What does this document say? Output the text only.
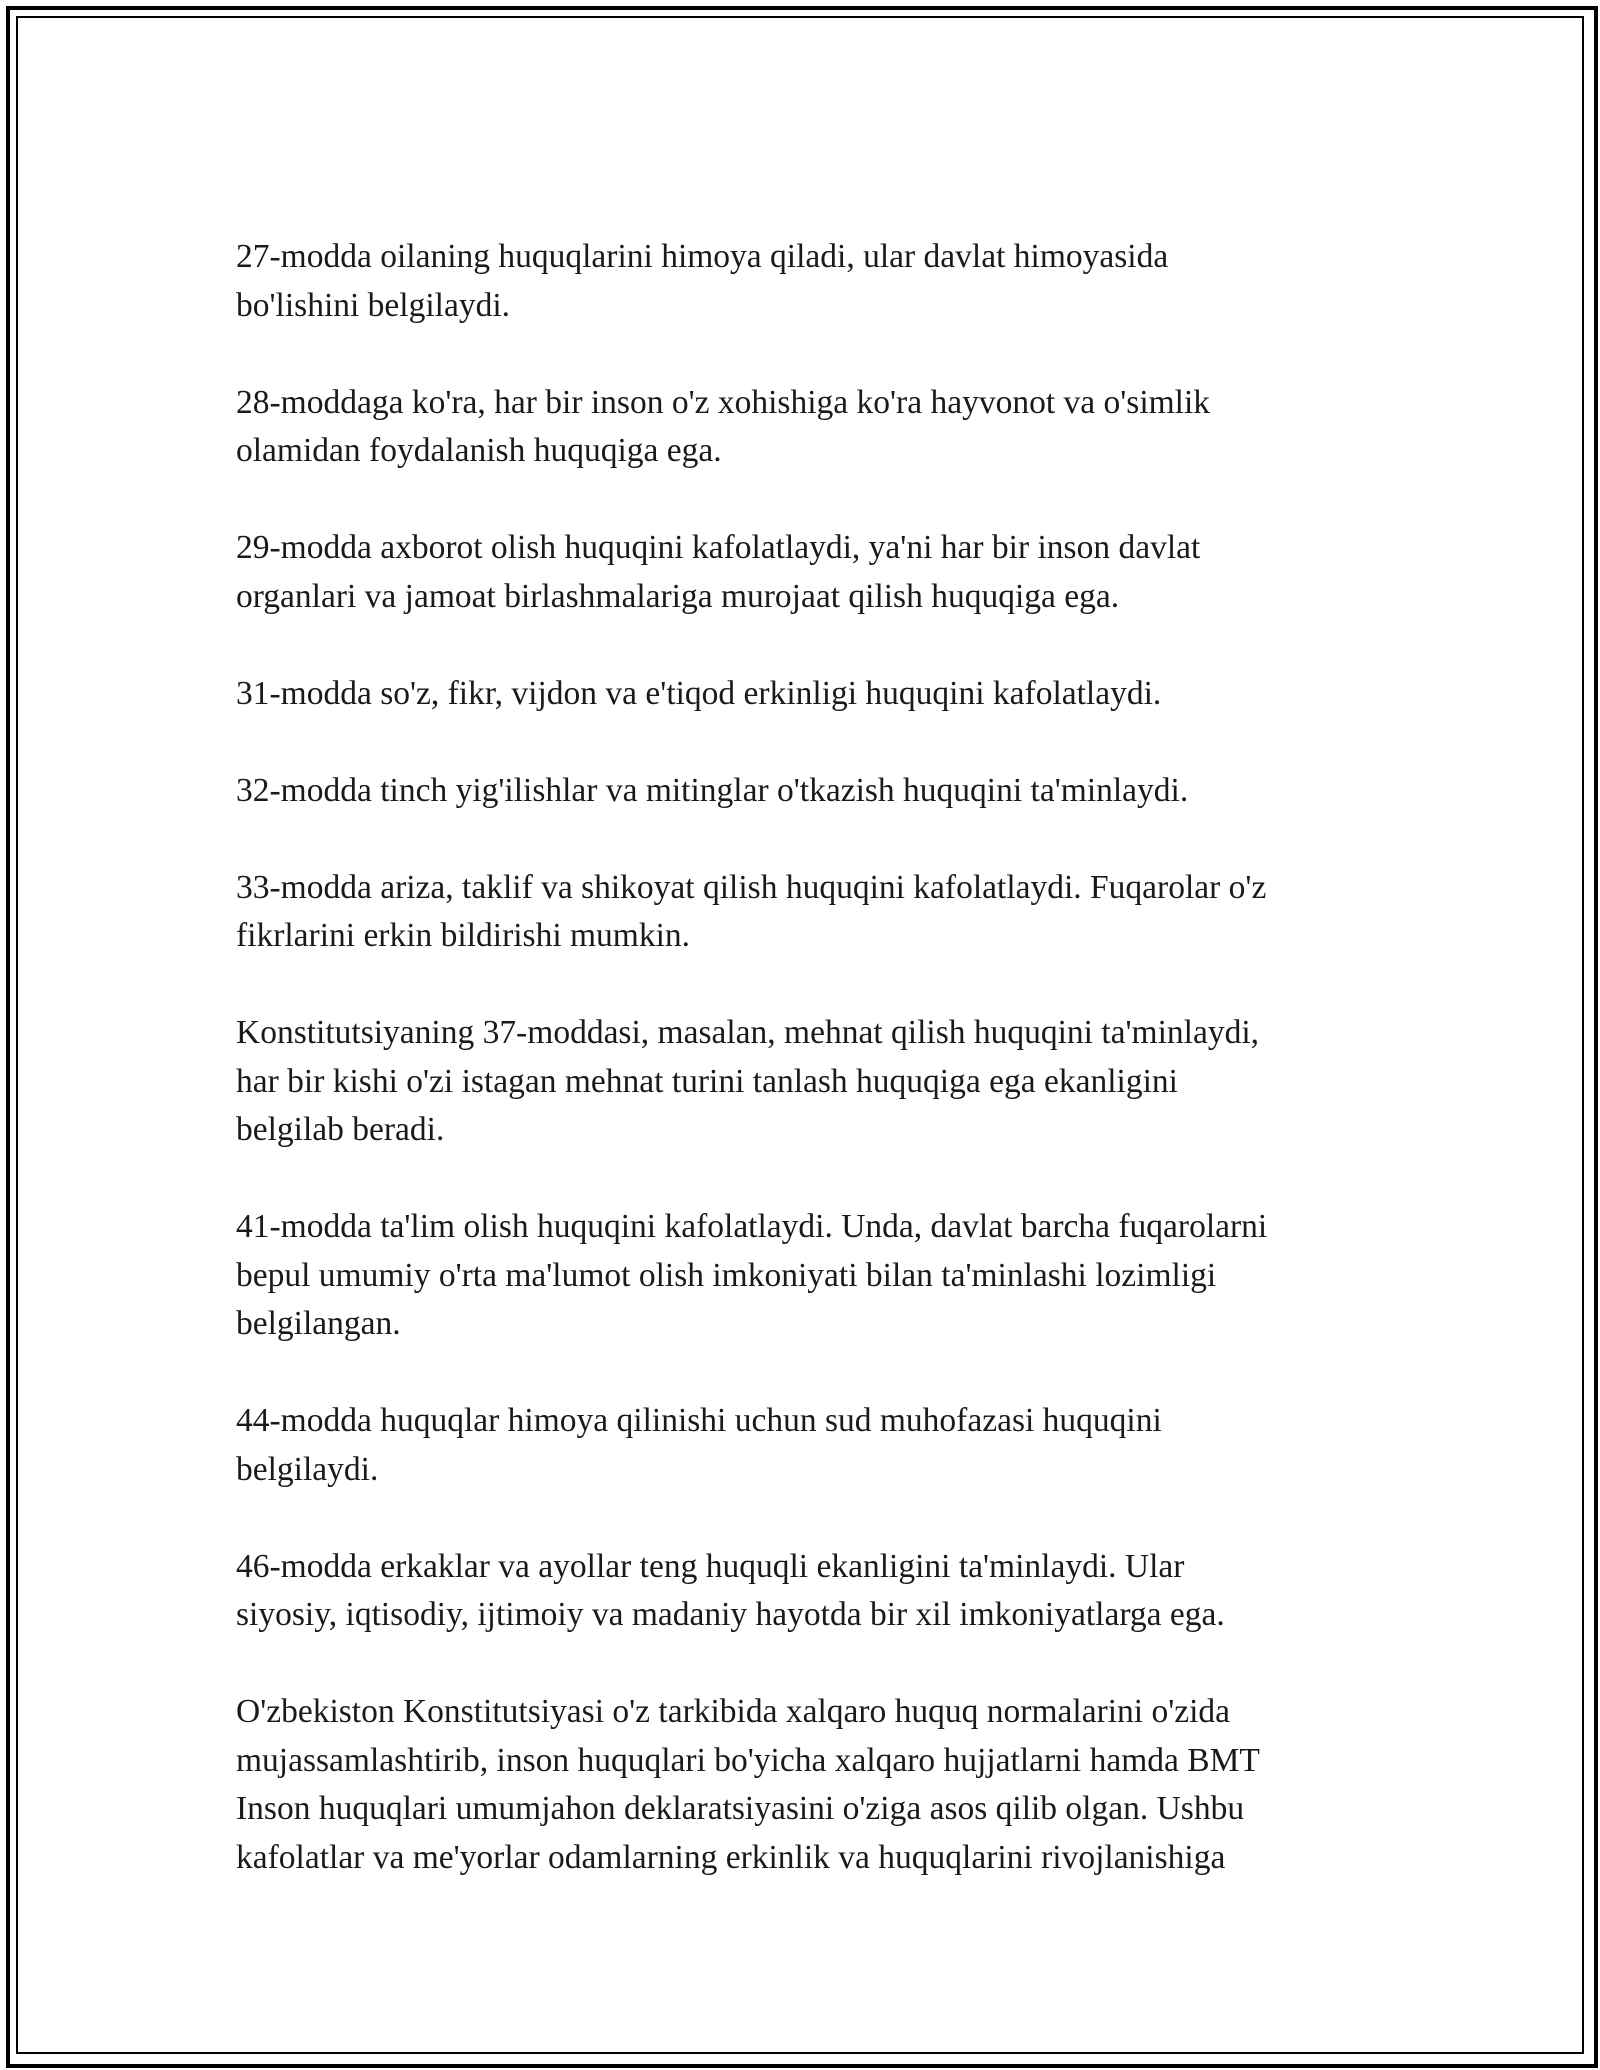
27-modda oilaning huquqlarini himoya qiladi, ular davlat himoyasida
bo'lishini belgilaydi.

28-moddaga ko'ra, har bir inson o'z xohishiga ko'ra hayvonot va o'simlik
olamidan foydalanish huquqiga ega.

29-modda axborot olish huquqini kafolatlaydi, ya'ni har bir inson davlat
organlari va jamoat birlashmalariga murojaat qilish huquqiga ega.

31-modda so'z, fikr, vijdon va e'tiqod erkinligi huquqini kafolatlaydi.

32-modda tinch yig'ilishlar va mitinglar o'tkazish huquqini ta'minlaydi.

33-modda ariza, taklif va shikoyat qilish huquqini kafolatlaydi. Fuqarolar o'z
fikrlarini erkin bildirishi mumkin.

Konstitutsiyaning 37-moddasi, masalan, mehnat qilish huquqini ta'minlaydi,
har bir kishi o'zi istagan mehnat turini tanlash huquqiga ega ekanligini
belgilab beradi.

41-modda ta'lim olish huquqini kafolatlaydi. Unda, davlat barcha fuqarolarni
bepul umumiy o'rta ma'lumot olish imkoniyati bilan ta'minlashi lozimligi
belgilangan.

44-modda huquqlar himoya qilinishi uchun sud muhofazasi huquqini
belgilaydi.

46-modda erkaklar va ayollar teng huquqli ekanligini ta'minlaydi. Ular
siyosiy, iqtisodiy, ijtimoiy va madaniy hayotda bir xil imkoniyatlarga ega.

O'zbekiston Konstitutsiyasi o'z tarkibida xalqaro huquq normalarini o'zida
mujassamlashtirib, inson huquqlari bo'yicha xalqaro hujjatlarni hamda BMT
Inson huquqlari umumjahon deklaratsiyasini o'ziga asos qilib olgan. Ushbu
kafolatlar va me'yorlar odamlarning erkinlik va huquqlarini rivojlanishiga
